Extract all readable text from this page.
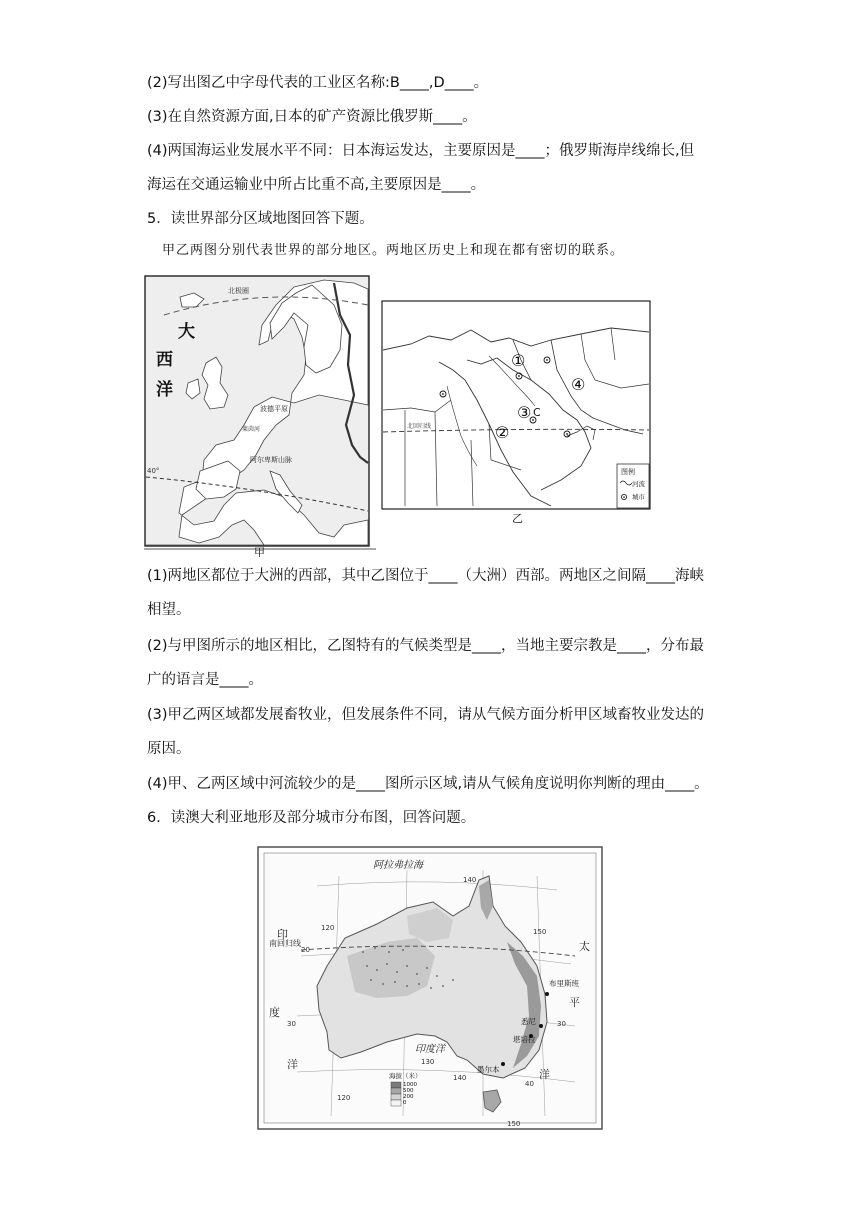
(2)写出图乙中字母代表的工业区名称:B____,D____。
(3)在自然资源方面,日本的矿产资源比俄罗斯____。
(4)两国海运业发展水平不同：日本海运发达，主要原因是____；俄罗斯海岸线绵长,但
海运在交通运输业中所占比重不高,主要原因是____。
5．读世界部分区域地图回答下题。
甲乙两图分别代表世界的部分地区。两地区历史上和现在都有密切的联系。
北极圈
40°
大
西
洋
波德平原
莱茵河
阿尔卑斯山脉
甲
北回归线
①
②
③
④
C
图例
河流
城市
乙
(1)两地区都位于大洲的西部，其中乙图位于____（大洲）西部。两地区之间隔____海峡
相望。
(2)与甲图所示的地区相比，乙图特有的气候类型是____，当地主要宗教是____，分布最
广的语言是____。
(3)甲乙两区域都发展畜牧业，但发展条件不同，请从气候方面分析甲区域畜牧业发达的
原因。
(4)甲、乙两区域中河流较少的是____图所示区域,请从气候角度说明你判断的理由____。
6．读澳大利亚地形及部分城市分布图，回答问题。
南回归线
阿拉弗拉海
印
度
洋
太
平
洋
印度洋
布里斯班
悉尼
堪培拉
墨尔本
120
140
150
120
130
140
150
20
30	30
40
海拔（米）
1000
500
200
0
